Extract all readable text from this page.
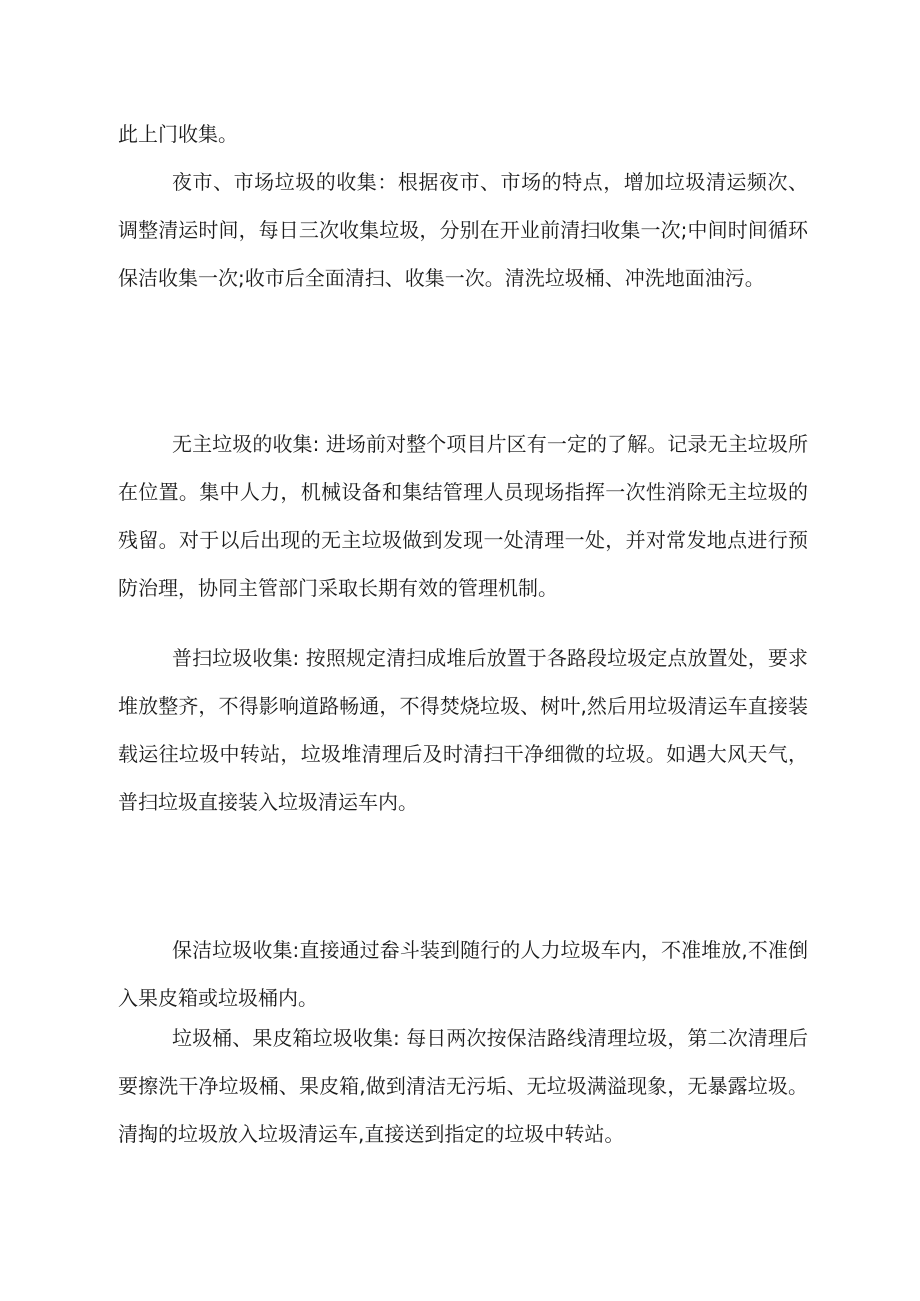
此上门收集。

夜市、市场垃圾的收集：根据夜市、市场的特点，增加垃圾清运频次、调整清运时间，每日三次收集垃圾，分别在开业前清扫收集一次;中间时间循环保洁收集一次;收市后全面清扫、收集一次。清洗垃圾桶、冲洗地面油污。

无主垃圾的收集: 进场前对整个项目片区有一定的了解。记录无主垃圾所在位置。集中人力，机械设备和集结管理人员现场指挥一次性消除无主垃圾的残留。对于以后出现的无主垃圾做到发现一处清理一处，并对常发地点进行预防治理，协同主管部门采取长期有效的管理机制。

普扫垃圾收集: 按照规定清扫成堆后放置于各路段垃圾定点放置处，要求堆放整齐，不得影响道路畅通，不得焚烧垃圾、树叶,然后用垃圾清运车直接装载运往垃圾中转站，垃圾堆清理后及时清扫干净细微的垃圾。如遇大风天气，普扫垃圾直接装入垃圾清运车内。

保洁垃圾收集:直接通过畚斗装到随行的人力垃圾车内，不准堆放,不准倒入果皮箱或垃圾桶内。

垃圾桶、果皮箱垃圾收集: 每日两次按保洁路线清理垃圾，第二次清理后要擦洗干净垃圾桶、果皮箱,做到清洁无污垢、无垃圾满溢现象，无暴露垃圾。清掏的垃圾放入垃圾清运车,直接送到指定的垃圾中转站。
